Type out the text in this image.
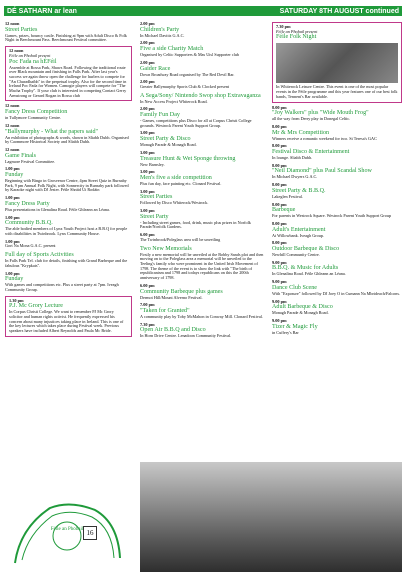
DÉ SATHARN ar lean	SATURDAY 8TH AUGUST continued
12 noon
Street Parties
Games, prizes, bouncy castle. Finishing at 9pm with Adult Disco & Folk Night in Beechmount Pass. Beechmount Festival committee.
12 noon
Féile an Phobail present
Poc Fada na hÉFéil
Assemble at Rossa Park, Shaws Road. Following the traditional route over Black mountain and finishing in Falls Park. After last year's success we again throw open the challenge for hurlers to compete for "An Churadhaibh" in the perpetual trophy. Also for the second time in Ireland Poc Fada for Women. Camogie players will compete for "The Macha Trophy". If your club is interested in competing Contact Gerry Armstrong or Gerard Rogan in Rossa club
12 noon
Fancy Dress Competition
in Tullymore Community Centre.
12 noon
"Ballymurphy - What the papers said"
An exhibition of photographs & words, shown in Sliabh Dubh. Organised by Caommore Historical Society and Sliabh Dubh.
12 noon
Game Finals
Lagmore Festival Committee.
1.00 pm
Funday
Beginning with Bingo in Grosvenor Centre, 4pm Street Quiz in Burnaby Park, 9 pm Annual Folk Night, with Sonnercity in Burnaby park followed by Karaoke night with DJ Jester. Féile Shráid Ui Rodáin
1.00 pm
Fancy Dress Party
Plus presentations in Glenalina Road. Féile Ghleann an Léana.
1.00 pm
Community B.B.Q.
The able bodied members of Lynx Youth Project host a B.B.Q for people with disabilities in Twinbrook. Lynx Community House.
1.00 pm
Gort Na Mona G.A.C. present
Full day of Sports Activities
In Falls Park Tel. club for details, finishing with Grand Barbeque and the fabulous "Krypkats".
1.00 pm
Funday
With games and competitions etc. Plus a street party at 7pm. Iveagh Community Group.
1.30 pm
P.J. Mc Grory Lecture
In Corpus Christi College. We want to remember PJ Mc Grory solicitor and human rights activist. He frequently expressed his concern about many injustices taking place in Ireland. This is one of the key lectures which takes place during Festival week. Previous speakers have included Albert Reynolds and Paula Mc Bride.
2.00 pm
Children's Party
In Michael Davitts G.A.C.
2.00 pm
Five a side Charity Match
Organised by Celtic Supporters & Mas Uisl Supporter club
2.00 pm
Gaider Race
Down Broadway Road organised by The Red Devil Bar.
2.00 pm
Greater Ballymurphy Sports Club & Clocked present
A Sega/Sony/ Nintendo Swop shop Extravaganza
In New Access Project Whiterock Road.
2.00 pm
Family Fun Day
- Games, competitions plus Disco for all at Corpus Christi College grounds. Westrock Parent Youth Support Group.
3.00 pm
Street Party & Disco
Monagh Parade & Monagh Road.
3.00 pm
Treasure Hunt & Wet Sponge throwing
New Barnsley.
3.00 pm
Men's five a side competition
Plus fun day, face painting etc. Clonard Festival.
3.00 pm
Street Parties
Followed by Disco Whiterock/Westrock.
3.00 pm
Street Party
- Including street games, food, drink, music plus prizes in Norfolk Parade/Norfolk Gardens.
6.00 pm
The Twinbrook/Poleglass area will be unveiling
Two New Memorials
Firstly a new memorial will be unveiled at the Bobby Sands plot and then moving on to the Poleglass area a memorial will be unveiled to the Teeling's family who were prominent in the United Irish Movement of 1798. The theme of the event is to show the link with "The birth of republicanism and 1798 and todays republicans on this the 200th anniversary of 1798.
6.00 pm
Community Barbeque plus games
Dermot Hill/Mount Alverno Festival.
7.00 pm
"Taken for Granted"
A community play by Toby McMahon in Conway Mill. Clonard Festival.
7.30 pm
Open Air B.B.Q and Disco
In Horn Drive Centre. Lenadoon Community Festival.
7.30 pm
Féile an Phobail present
Féile Folk Night
In Whiterock Leisure Centre. This event is one of the most popular events in the Féile programme and this year features one of our best folk bands, Tennent's Bar available.
8.00 pm
"Joy Walkers" plus "Wide Mouth Frog"
all the way from Derry play in Donegal Celtic.
8.00 pm
Mr & Mrs Competition
Winners receive a romantic weekend for two. St Teresa's GAC
8.00 pm
Festival Disco & Entertainment
In lounge. Sliabh Dubh.
8.00 pm
"Neil Diamond" plus Paul Scandal Show
In Michael Dwyers G.A.C.
8.00 pm
Street Party & B.B.Q.
Lakeglen Festival.
8.00 pm
Barbeque
For parents in Westrock Square. Westrock Parent Youth Support Group
8.00 pm
Adult's Entertainment
At Willowbank. Iveagh Group.
8.00 pm
Outdoor Barbeque & Disco
Newhill Community Centre.
9.00 pm
B.B.Q. & Music for Adults
In Glenalina Road. Féile Ghleann an Léana.
9.00 pm
Dance Club Scene
With "Exposure" followed by DJ Joey O in Cumann Na Mbrideach/Falcons.
9.00 pm
Adult Barbeque & Disco
Monagh Parade & Monagh Road.
9.00 pm
Tizer & Magic Fly
in Cuffery's Bar
Féile an Phobail 16
